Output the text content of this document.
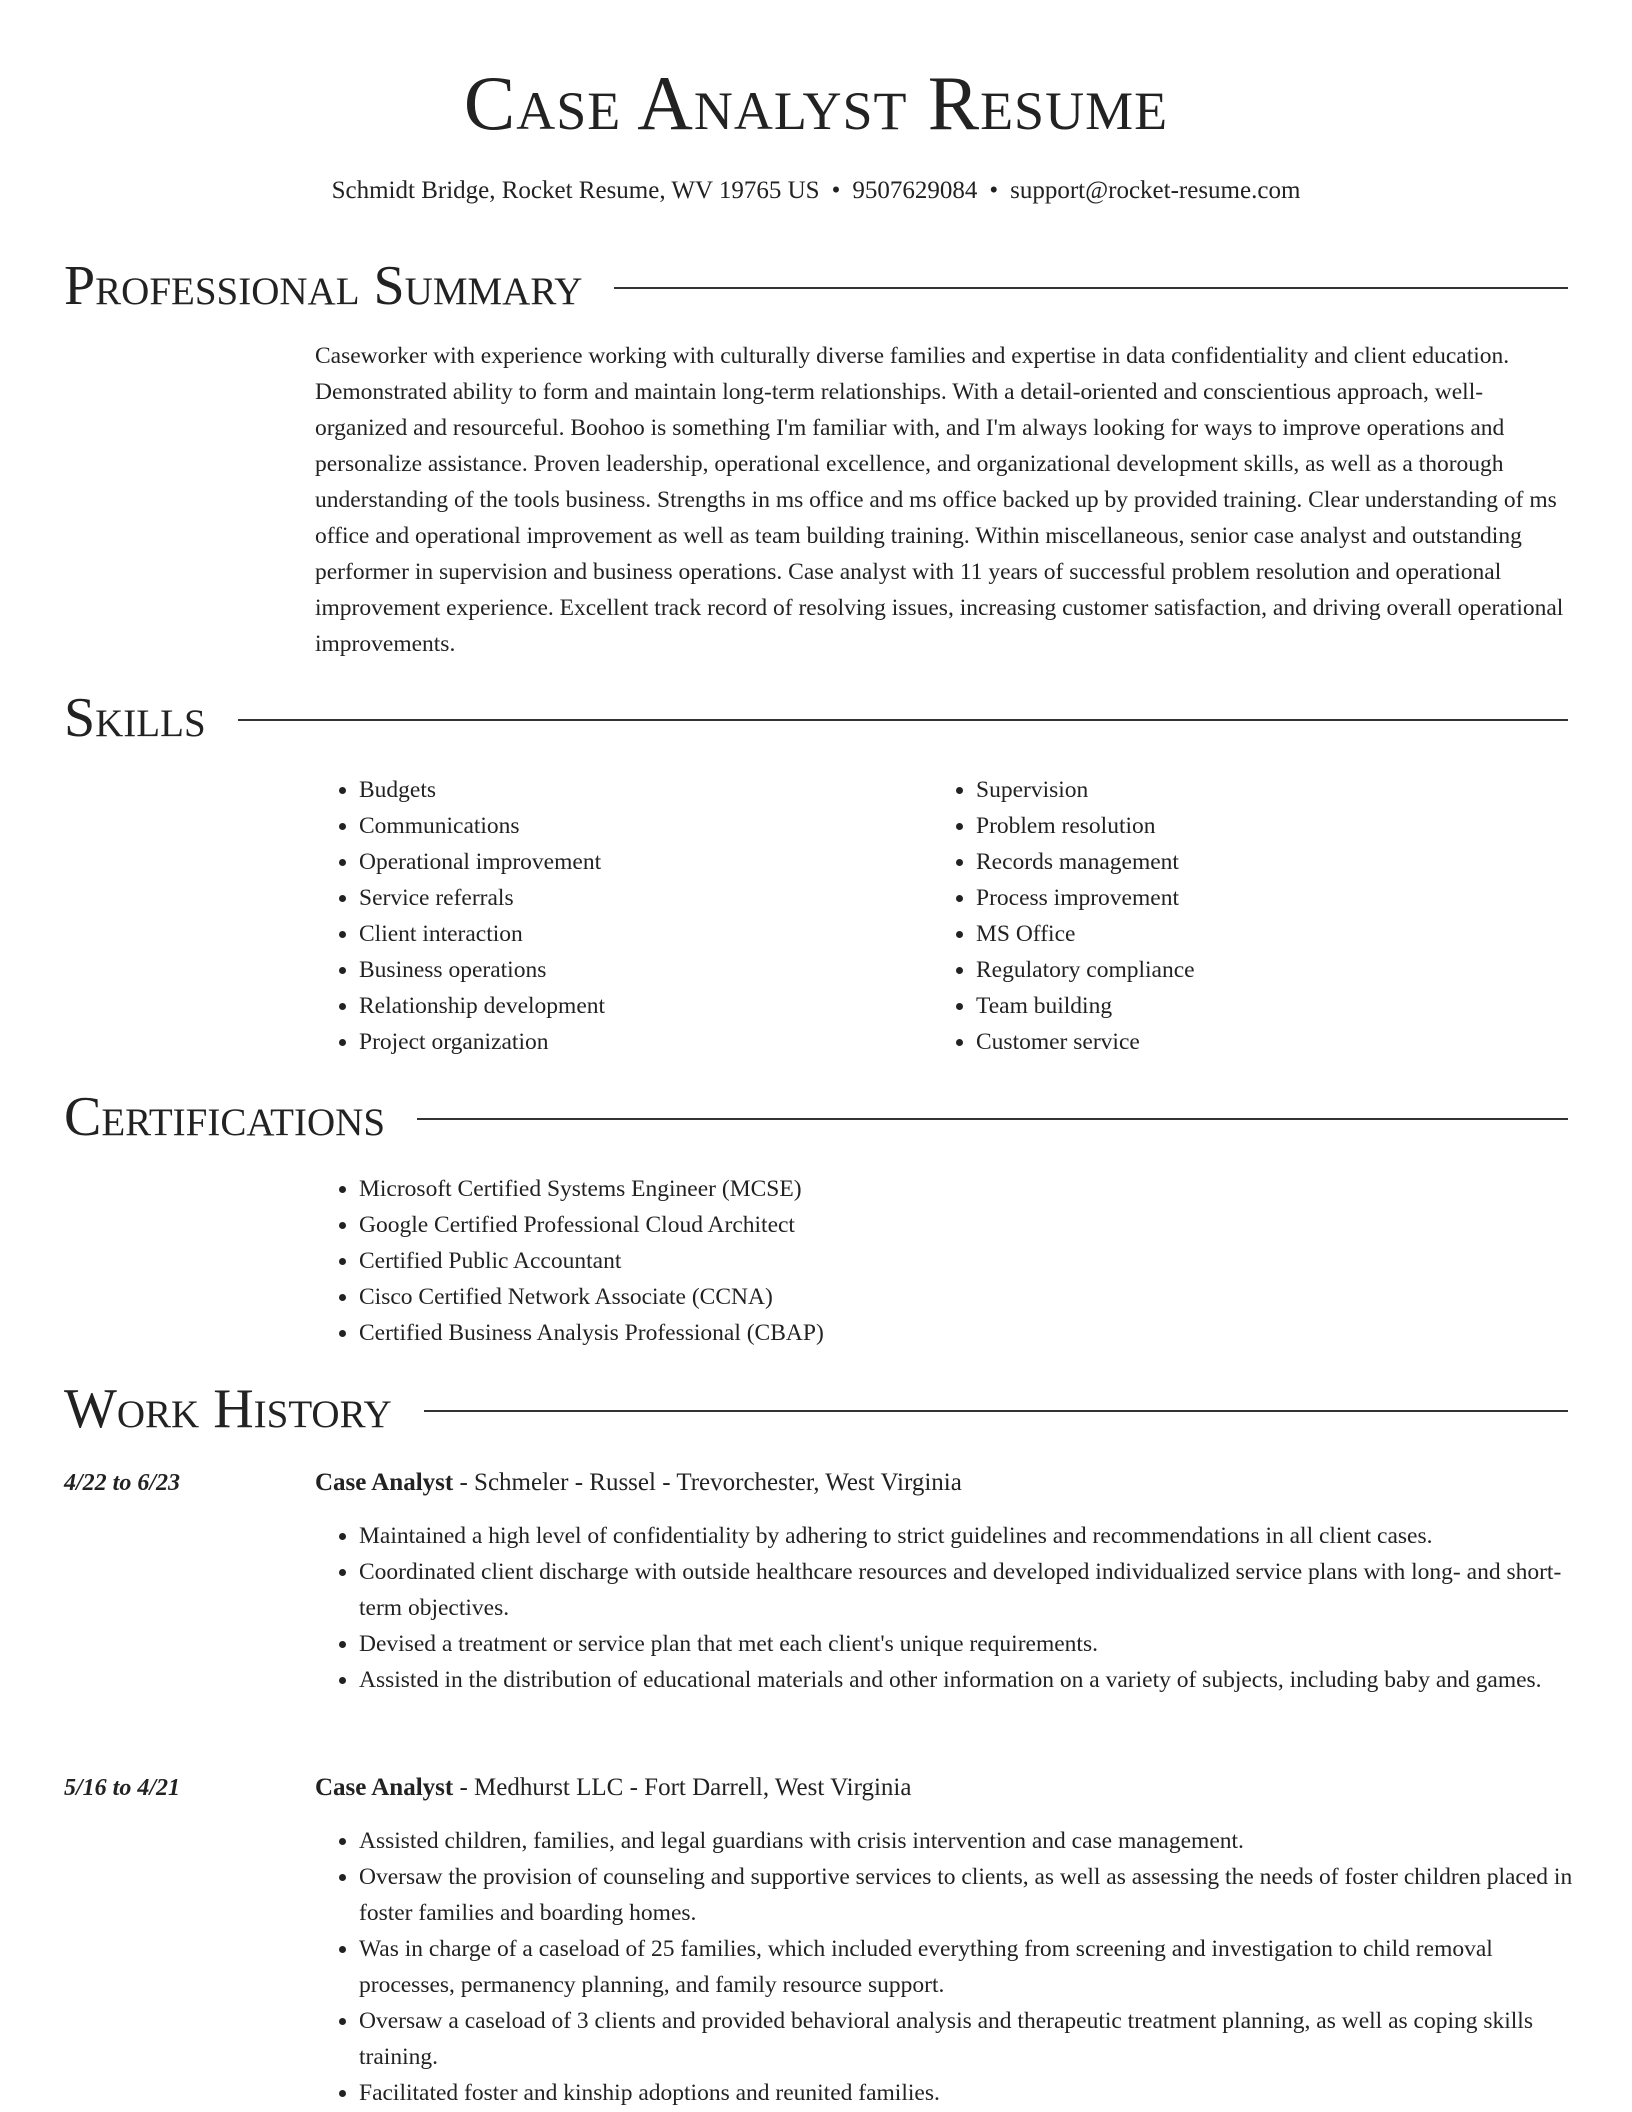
Case Analyst Resume
Schmidt Bridge, Rocket Resume, WV 19765 US • 9507629084 • support@rocket-resume.com
Professional Summary
Caseworker with experience working with culturally diverse families and expertise in data confidentiality and client education. Demonstrated ability to form and maintain long-term relationships. With a detail-oriented and conscientious approach, well-organized and resourceful. Boohoo is something I'm familiar with, and I'm always looking for ways to improve operations and personalize assistance. Proven leadership, operational excellence, and organizational development skills, as well as a thorough understanding of the tools business. Strengths in ms office and ms office backed up by provided training. Clear understanding of ms office and operational improvement as well as team building training. Within miscellaneous, senior case analyst and outstanding performer in supervision and business operations. Case analyst with 11 years of successful problem resolution and operational improvement experience. Excellent track record of resolving issues, increasing customer satisfaction, and driving overall operational improvements.
Skills
• Budgets
• Communications
• Operational improvement
• Service referrals
• Client interaction
• Business operations
• Relationship development
• Project organization
• Supervision
• Problem resolution
• Records management
• Process improvement
• MS Office
• Regulatory compliance
• Team building
• Customer service
Certifications
• Microsoft Certified Systems Engineer (MCSE)
• Google Certified Professional Cloud Architect
• Certified Public Accountant
• Cisco Certified Network Associate (CCNA)
• Certified Business Analysis Professional (CBAP)
Work History
4/22 to 6/23	Case Analyst - Schmeler - Russel - Trevorchester, West Virginia
• Maintained a high level of confidentiality by adhering to strict guidelines and recommendations in all client cases.
• Coordinated client discharge with outside healthcare resources and developed individualized service plans with long- and short-term objectives.
• Devised a treatment or service plan that met each client's unique requirements.
• Assisted in the distribution of educational materials and other information on a variety of subjects, including baby and games.
5/16 to 4/21	Case Analyst - Medhurst LLC - Fort Darrell, West Virginia
• Assisted children, families, and legal guardians with crisis intervention and case management.
• Oversaw the provision of counseling and supportive services to clients, as well as assessing the needs of foster children placed in foster families and boarding homes.
• Was in charge of a caseload of 25 families, which included everything from screening and investigation to child removal processes, permanency planning, and family resource support.
• Oversaw a caseload of 3 clients and provided behavioral analysis and therapeutic treatment planning, as well as coping skills training.
• Facilitated foster and kinship adoptions and reunited families.
